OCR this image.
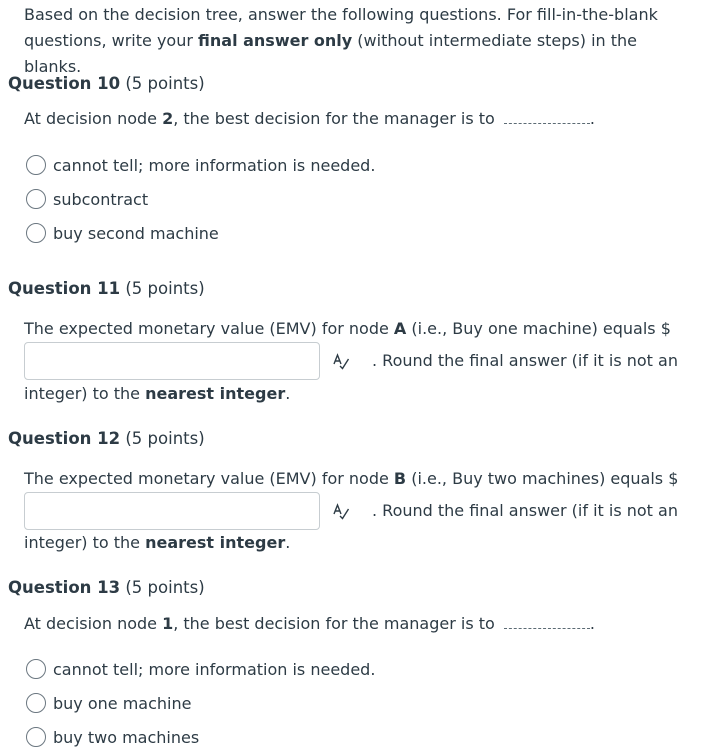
Based on the decision tree, answer the following questions. For fill-in-the-blank questions, write your final answer only (without intermediate steps) in the blanks.
Question 10 (5 points)
At decision node 2, the best decision for the manager is to	.
cannot tell; more information is needed.
subcontract
buy second machine
Question 11 (5 points)
The expected monetary value (EMV) for node A (i.e., Buy one machine) equals $
. Round the final answer (if it is not an
integer) to the nearest integer.
Question 12 (5 points)
The expected monetary value (EMV) for node B (i.e., Buy two machines) equals $
. Round the final answer (if it is not an
integer) to the nearest integer.
Question 13 (5 points)
At decision node 1, the best decision for the manager is to	.
cannot tell; more information is needed.
buy one machine
buy two machines
